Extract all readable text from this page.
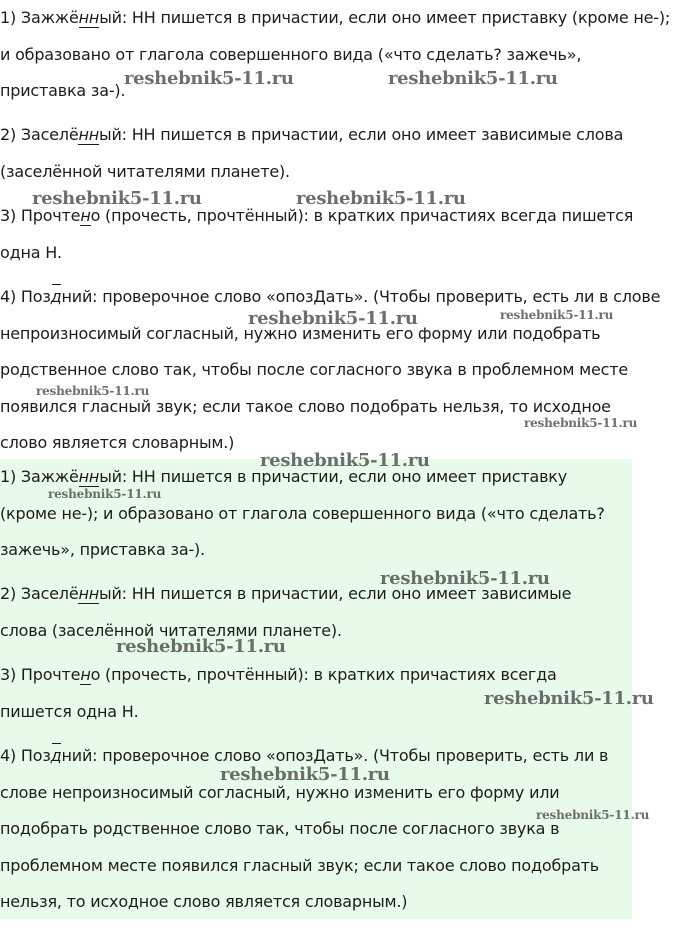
1) Зажжённый: НН пишется в причастии, если оно имеет приставку (кроме не-);
и образовано от глагола совершенного вида («что сделать? зажечь»,
приставка за-).
2) Заселённый: НН пишется в причастии, если оно имеет зависимые слова
(заселённой читателями планете).
3) Прочтено (прочесть, прочтённый): в кратких причастиях всегда пишется
одна Н.
4) Поздний: проверочное слово «опозДать». (Чтобы проверить, есть ли в слове
непроизносимый согласный, нужно изменить его форму или подобрать
родственное слово так, чтобы после согласного звука в проблемном месте
появился гласный звук; если такое слово подобрать нельзя, то исходное
слово является словарным.)
1) Зажжённый: НН пишется в причастии, если оно имеет приставку
(кроме не-); и образовано от глагола совершенного вида («что сделать?
зажечь», приставка за-).
2) Заселённый: НН пишется в причастии, если оно имеет зависимые
слова (заселённой читателями планете).
3) Прочтено (прочесть, прочтённый): в кратких причастиях всегда
пишется одна Н.
4) Поздний: проверочное слово «опозДать». (Чтобы проверить, есть ли в
слове непроизносимый согласный, нужно изменить его форму или
подобрать родственное слово так, чтобы после согласного звука в
проблемном месте появился гласный звук; если такое слово подобрать
нельзя, то исходное слово является словарным.)
reshebnik5-11.ru	reshebnik5-11.ru
reshebnik5-11.ru	reshebnik5-11.ru
reshebnik5-11.ru	reshebnik5-11.ru
reshebnik5-11.ru
reshebnik5-11.ru
reshebnik5-11.ru
reshebnik5-11.ru
reshebnik5-11.ru
reshebnik5-11.ru
reshebnik5-11.ru
reshebnik5-11.ru
reshebnik5-11.ru
